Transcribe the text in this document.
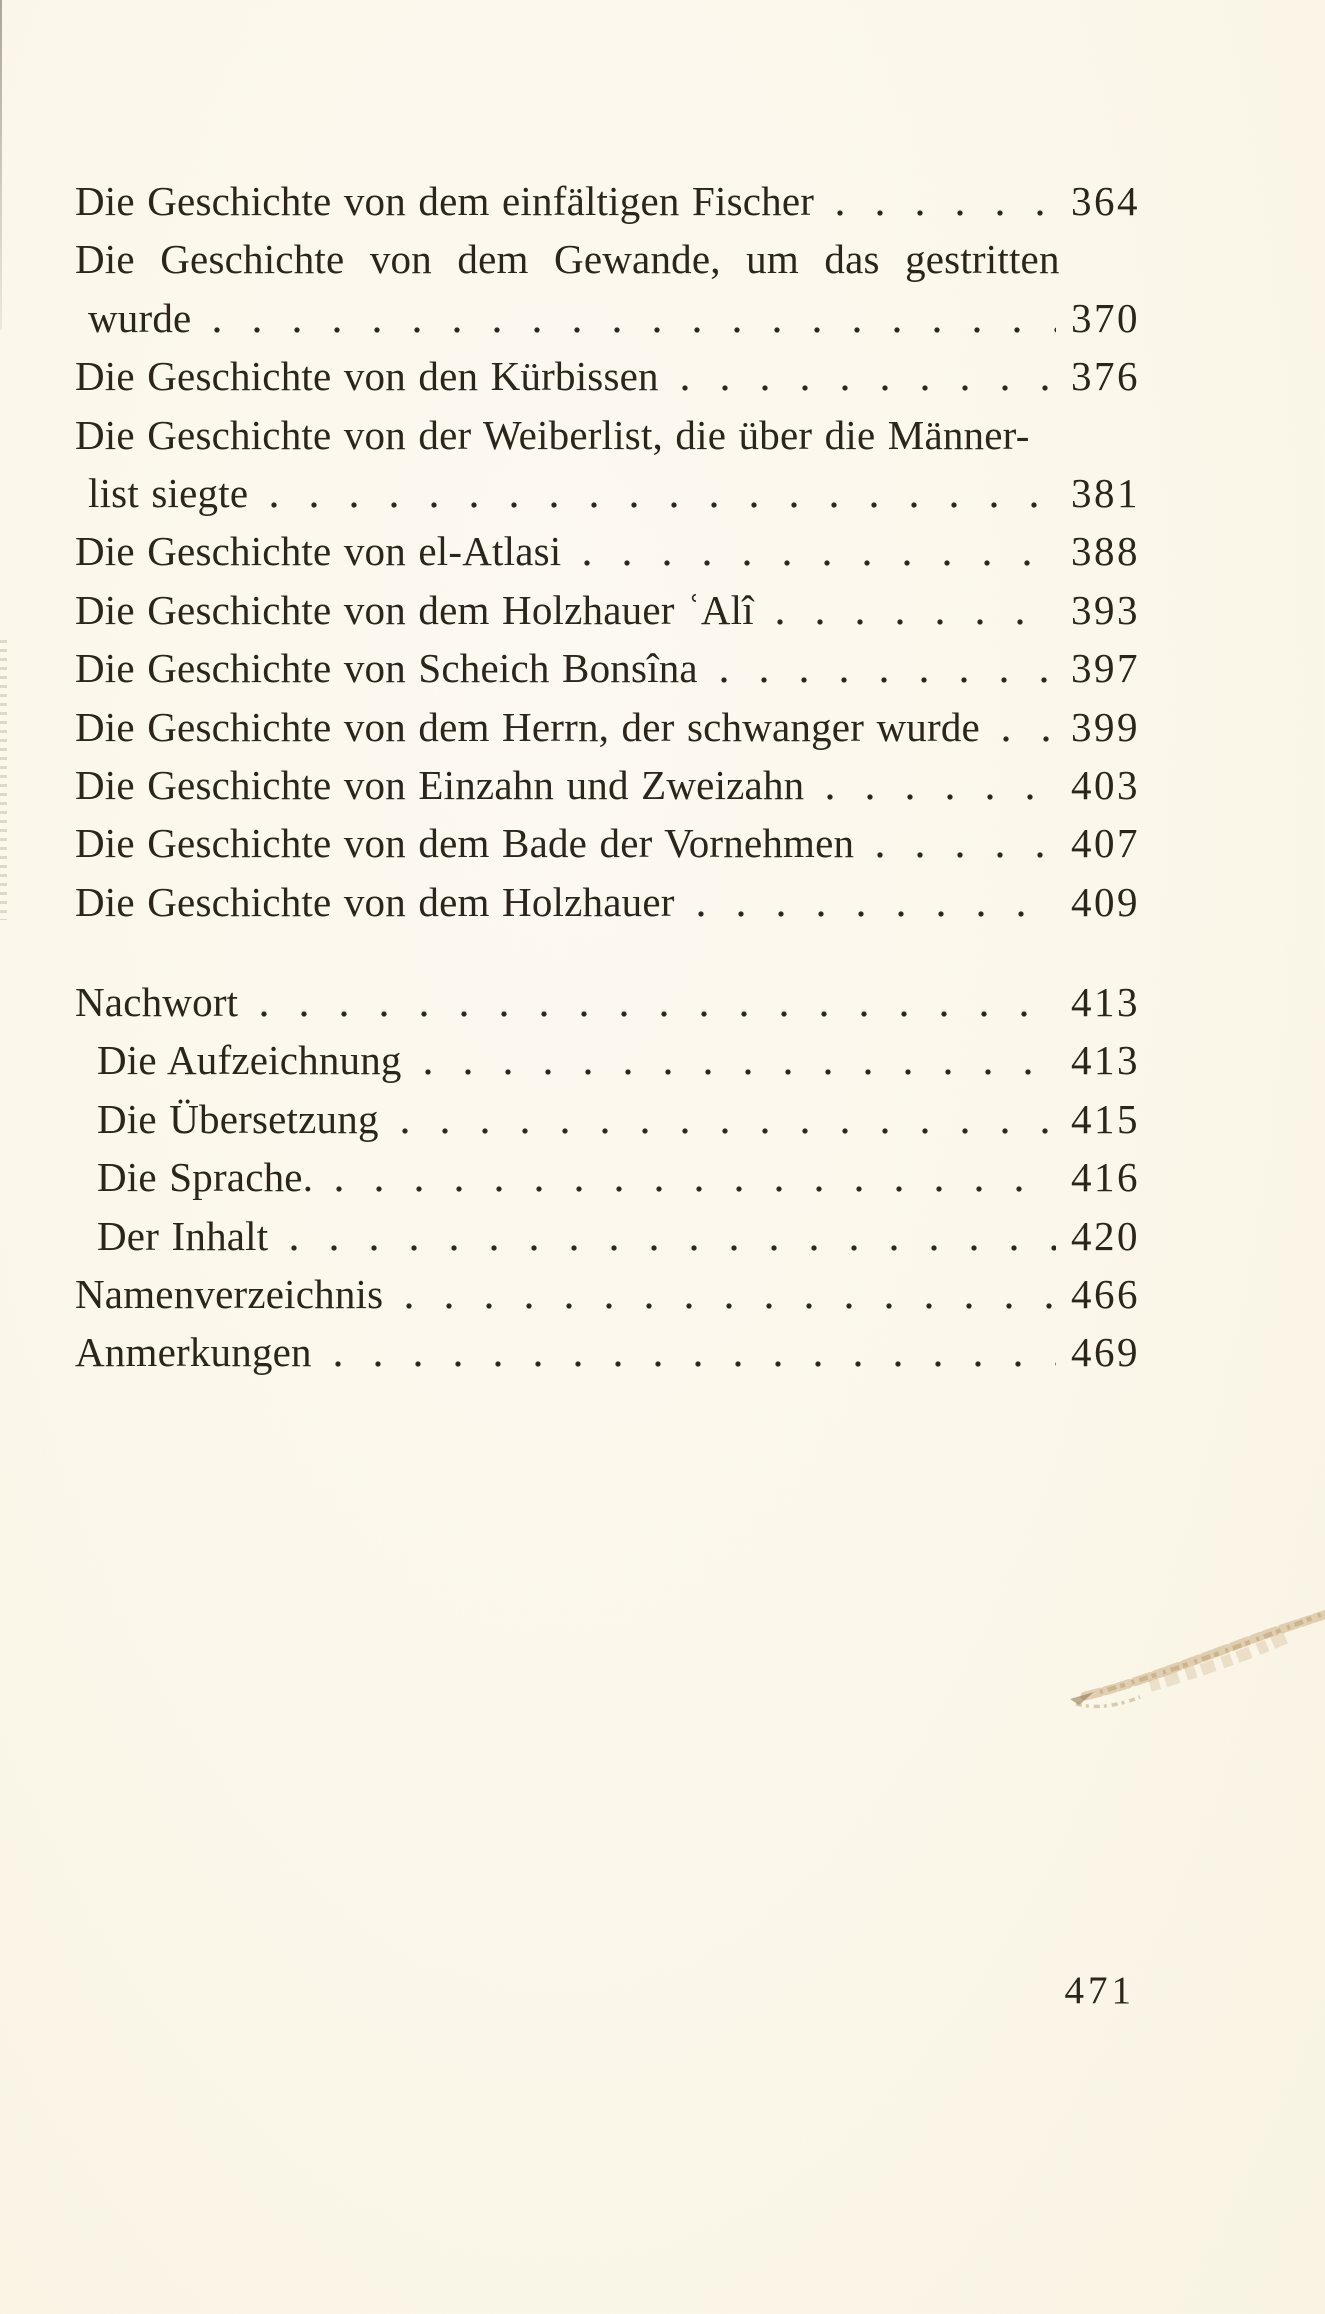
Die Geschichte von dem einfältigen Fischer	364
Die Geschichte von dem Gewande, um das gestritten
wurde	370
Die Geschichte von den Kürbissen	376
Die Geschichte von der Weiberlist, die über die Männer-
list siegte	381
Die Geschichte von el-Atlasi	388
Die Geschichte von dem Holzhauer ʿAlî	393
Die Geschichte von Scheich Bonsîna	397
Die Geschichte von dem Herrn, der schwanger wurde 399
Die Geschichte von Einzahn und Zweizahn	403
Die Geschichte von dem Bade der Vornehmen	407
Die Geschichte von dem Holzhauer	409
Nachwort	413
Die Aufzeichnung	413
Die Übersetzung	415
Die Sprache.	416
Der Inhalt	420
Namenverzeichnis	466
Anmerkungen	469
471
